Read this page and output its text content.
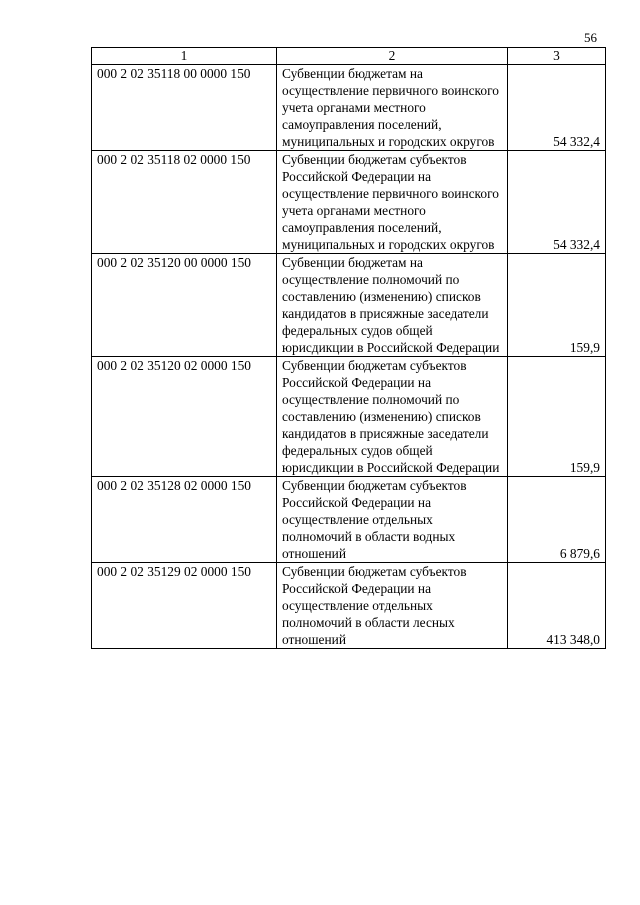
56
1	2	3
000 2 02 35118 00 0000 150	Субвенции бюджетам на осуществление первичного воинского учета органами местного самоуправления поселений, муниципальных и городских округов	54 332,4
000 2 02 35118 02 0000 150	Субвенции бюджетам субъектов Российской Федерации на осуществление первичного воинского учета органами местного самоуправления поселений, муниципальных и городских округов	54 332,4
000 2 02 35120 00 0000 150	Субвенции бюджетам на осуществление полномочий по составлению (изменению) списков кандидатов в присяжные заседатели федеральных судов общей юрисдикции в Российской Федерации	159,9
000 2 02 35120 02 0000 150	Субвенции бюджетам субъектов Российской Федерации на осуществление полномочий по составлению (изменению) списков кандидатов в присяжные заседатели федеральных судов общей юрисдикции в Российской Федерации	159,9
000 2 02 35128 02 0000 150	Субвенции бюджетам субъектов Российской Федерации на осуществление отдельных полномочий в области водных отношений	6 879,6
000 2 02 35129 02 0000 150	Субвенции бюджетам субъектов Российской Федерации на осуществление отдельных полномочий в области лесных отношений	413 348,0
